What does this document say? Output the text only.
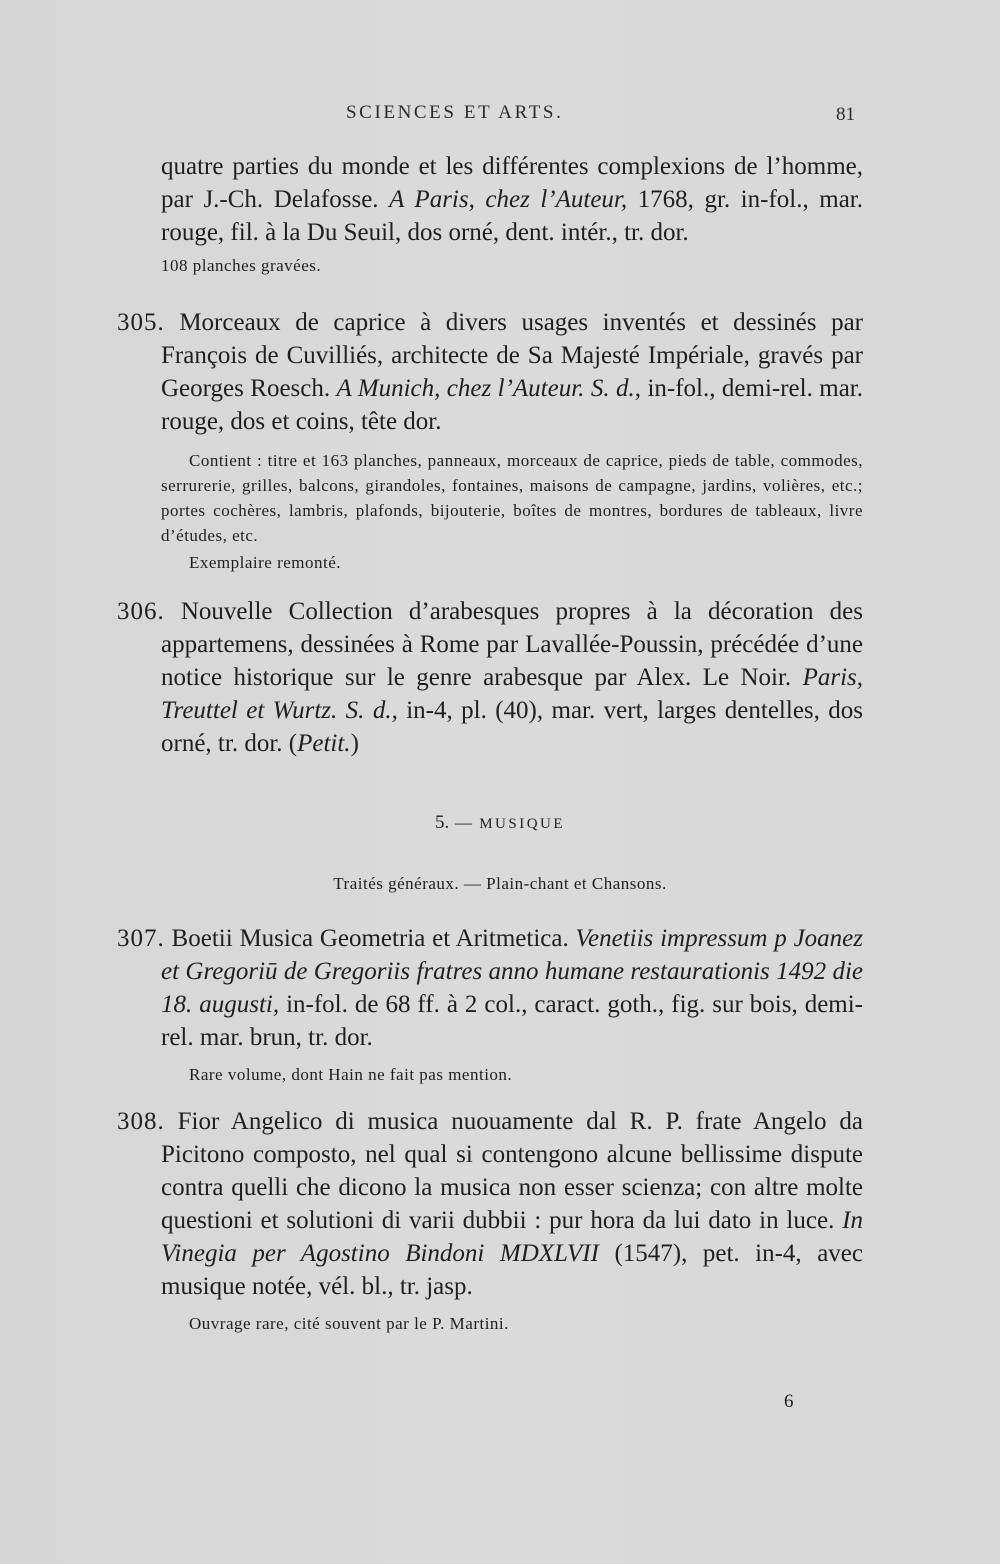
SCIENCES ET ARTS.	81

quatre parties du monde et les différentes complexions de l’homme, par J.-Ch. Delafosse. A Paris, chez l’Auteur, 1768, gr. in-fol., mar. rouge, fil. à la Du Seuil, dos orné, dent. intér., tr. dor.

108 planches gravées.

305. Morceaux de caprice à divers usages inventés et dessinés par François de Cuvilliés, architecte de Sa Majesté Impériale, gravés par Georges Roesch. A Munich, chez l’Auteur. S. d., in-fol., demi-rel. mar. rouge, dos et coins, tête dor.

Contient : titre et 163 planches, panneaux, morceaux de caprice, pieds de table, commodes, serrurerie, grilles, balcons, girandoles, fontaines, maisons de campagne, jardins, volières, etc.; portes cochères, lambris, plafonds, bijouterie, boîtes de montres, bordures de tableaux, livre d’études, etc.

Exemplaire remonté.

306. Nouvelle Collection d’arabesques propres à la décoration des appartemens, dessinées à Rome par Lavallée-Poussin, précédée d’une notice historique sur le genre arabesque par Alex. Le Noir. Paris, Treuttel et Wurtz. S. d., in-4, pl. (40), mar. vert, larges dentelles, dos orné, tr. dor. (Petit.)

5. — MUSIQUE

Traités généraux. — Plain-chant et Chansons.

307. Boetii Musica Geometria et Aritmetica. Venetiis impressum p Joanez et Gregoriū de Gregoriis fratres anno humane restaurationis 1492 die 18. augusti, in-fol. de 68 ff. à 2 col., caract. goth., fig. sur bois, demi-rel. mar. brun, tr. dor.

Rare volume, dont Hain ne fait pas mention.

308. Fior Angelico di musica nuouamente dal R. P. frate Angelo da Picitono composto, nel qual si contengono alcune bellissime dispute contra quelli che dicono la musica non esser scienza; con altre molte questioni et solutioni di varii dubbii : pur hora da lui dato in luce. In Vinegia per Agostino Bindoni MDXLVII (1547), pet. in-4, avec musique notée, vél. bl., tr. jasp.

Ouvrage rare, cité souvent par le P. Martini.

6
